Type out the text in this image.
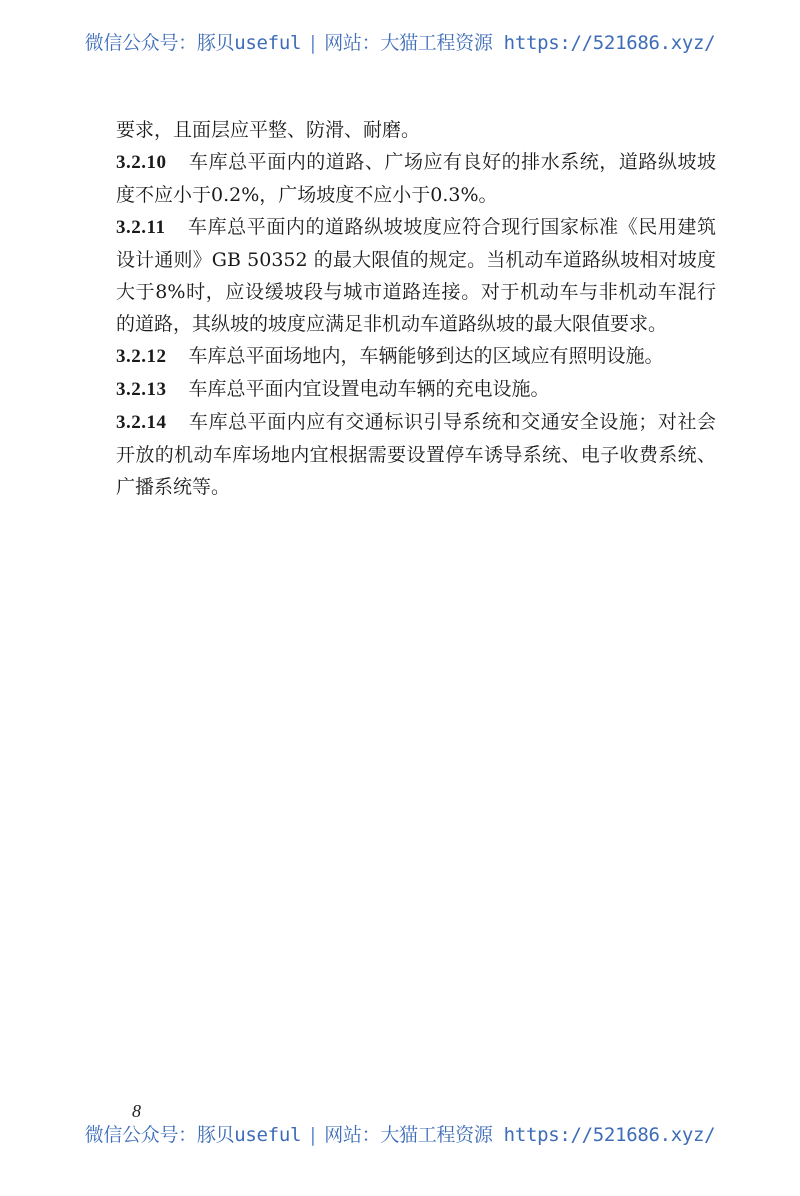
微信公众号：豚贝useful | 网站：大猫工程资源 https://521686.xyz/

要求，且面层应平整、防滑、耐磨。

3.2.10 车库总平面内的道路、广场应有良好的排水系统，道路纵坡坡度不应小于0.2%，广场坡度不应小于0.3%。

3.2.11 车库总平面内的道路纵坡坡度应符合现行国家标准《民用建筑设计通则》GB 50352 的最大限值的规定。当机动车道路纵坡相对坡度大于8%时，应设缓坡段与城市道路连接。对于机动车与非机动车混行的道路，其纵坡的坡度应满足非机动车道路纵坡的最大限值要求。

3.2.12 车库总平面场地内，车辆能够到达的区域应有照明设施。

3.2.13 车库总平面内宜设置电动车辆的充电设施。

3.2.14 车库总平面内应有交通标识引导系统和交通安全设施；对社会开放的机动车库场地内宜根据需要设置停车诱导系统、电子收费系统、广播系统等。

8
微信公众号：豚贝useful | 网站：大猫工程资源 https://521686.xyz/
